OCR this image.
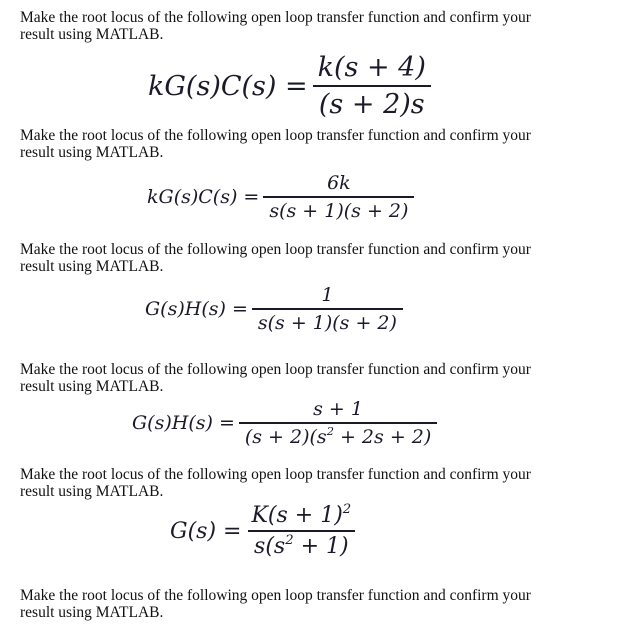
Make the root locus of the following open loop transfer function and confirm your
result using MATLAB.
$kG(s)C(s) = \frac{k(s + 4)}{(s + 2)s}$
Make the root locus of the following open loop transfer function and confirm your
result using MATLAB.
$kG(s)C(s) = \frac{6k}{s(s + 1)(s + 2)}$
Make the root locus of the following open loop transfer function and confirm your
result using MATLAB.
$G(s)H(s) = \frac{1}{s(s + 1)(s + 2)}$
Make the root locus of the following open loop transfer function and confirm your
result using MATLAB.
$G(s)H(s) = \frac{s + 1}{(s + 2)(s^2 + 2s + 2)}$
Make the root locus of the following open loop transfer function and confirm your
result using MATLAB.
$G(s) = \frac{K(s + 1)^2}{s(s^2 + 1)}$
Make the root locus of the following open loop transfer function and confirm your
result using MATLAB.
